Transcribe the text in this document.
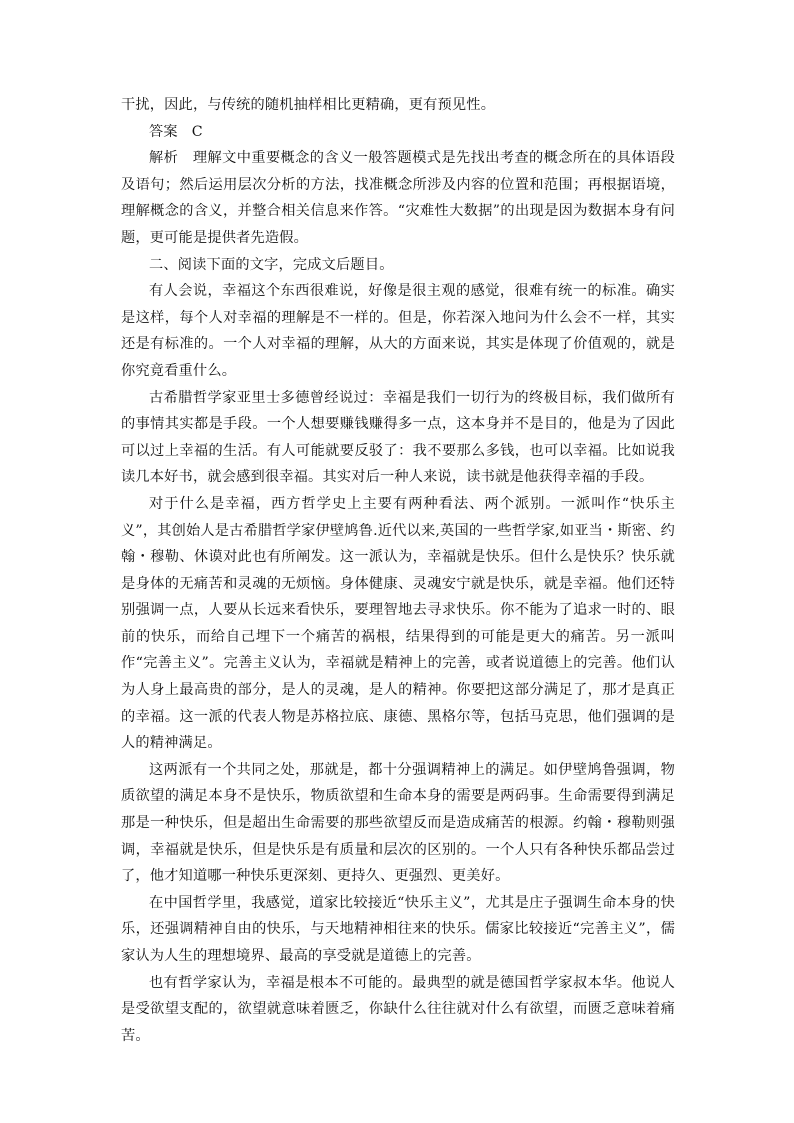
干扰，因此，与传统的随机抽样相比更精确，更有预见性。

答案 C

解析　 理解文中重要概念的含义一般答题模式是先找出考查的概念所在的具体语段及语句；然后运用层次分析的方法，找准概念所涉及内容的位置和范围；再根据语境，理解概念的含义，并整合相关信息来作答。“灾难性大数据”的出现是因为数据本身有问题，更可能是提供者先造假。

二、阅读下面的文字，完成文后题目。

有人会说，幸福这个东西很难说，好像是很主观的感觉，很难有统一的标准。确实是这样，每个人对幸福的理解是不一样的。但是，你若深入地问为什么会不一样，其实还是有标准的。一个人对幸福的理解，从大的方面来说，其实是体现了价值观的，就是你究竟看重什么。

古希腊哲学家亚里士多德曾经说过：幸福是我们一切行为的终极目标，我们做所有的事情其实都是手段。一个人想要赚钱赚得多一点，这本身并不是目的，他是为了因此可以过上幸福的生活。有人可能就要反驳了：我不要那么多钱，也可以幸福。比如说我读几本好书，就会感到很幸福。其实对后一种人来说，读书就是他获得幸福的手段。

对于什么是幸福，西方哲学史上主要有两种看法、两个派别。一派叫作“快乐主义”，其创始人是古希腊哲学家伊壁鸠鲁.近代以来,英国的一些哲学家,如亚当・斯密、约翰・穆勒、休谟对此也有所阐发。这一派认为，幸福就是快乐。但什么是快乐？快乐就是身体的无痛苦和灵魂的无烦恼。身体健康、灵魂安宁就是快乐，就是幸福。他们还特别强调一点，人要从长远来看快乐，要理智地去寻求快乐。你不能为了追求一时的、眼前的快乐，而给自己埋下一个痛苦的祸根，结果得到的可能是更大的痛苦。另一派叫作“完善主义”。完善主义认为，幸福就是精神上的完善，或者说道德上的完善。他们认为人身上最高贵的部分，是人的灵魂，是人的精神。你要把这部分满足了，那才是真正的幸福。这一派的代表人物是苏格拉底、康德、黑格尔等，包括马克思，他们强调的是人的精神满足。

这两派有一个共同之处，那就是，都十分强调精神上的满足。如伊壁鸠鲁强调，物质欲望的满足本身不是快乐，物质欲望和生命本身的需要是两码事。生命需要得到满足那是一种快乐，但是超出生命需要的那些欲望反而是造成痛苦的根源。约翰・穆勒则强调，幸福就是快乐，但是快乐是有质量和层次的区别的。一个人只有各种快乐都品尝过了，他才知道哪一种快乐更深刻、更持久、更强烈、更美好。

在中国哲学里，我感觉，道家比较接近“快乐主义”，尤其是庄子强调生命本身的快乐，还强调精神自由的快乐，与天地精神相往来的快乐。儒家比较接近“完善主义”，儒家认为人生的理想境界、最高的享受就是道德上的完善。

也有哲学家认为，幸福是根本不可能的。最典型的就是德国哲学家叔本华。他说人是受欲望支配的，欲望就意味着匮乏，你缺什么往往就对什么有欲望，而匮乏意味着痛苦。
